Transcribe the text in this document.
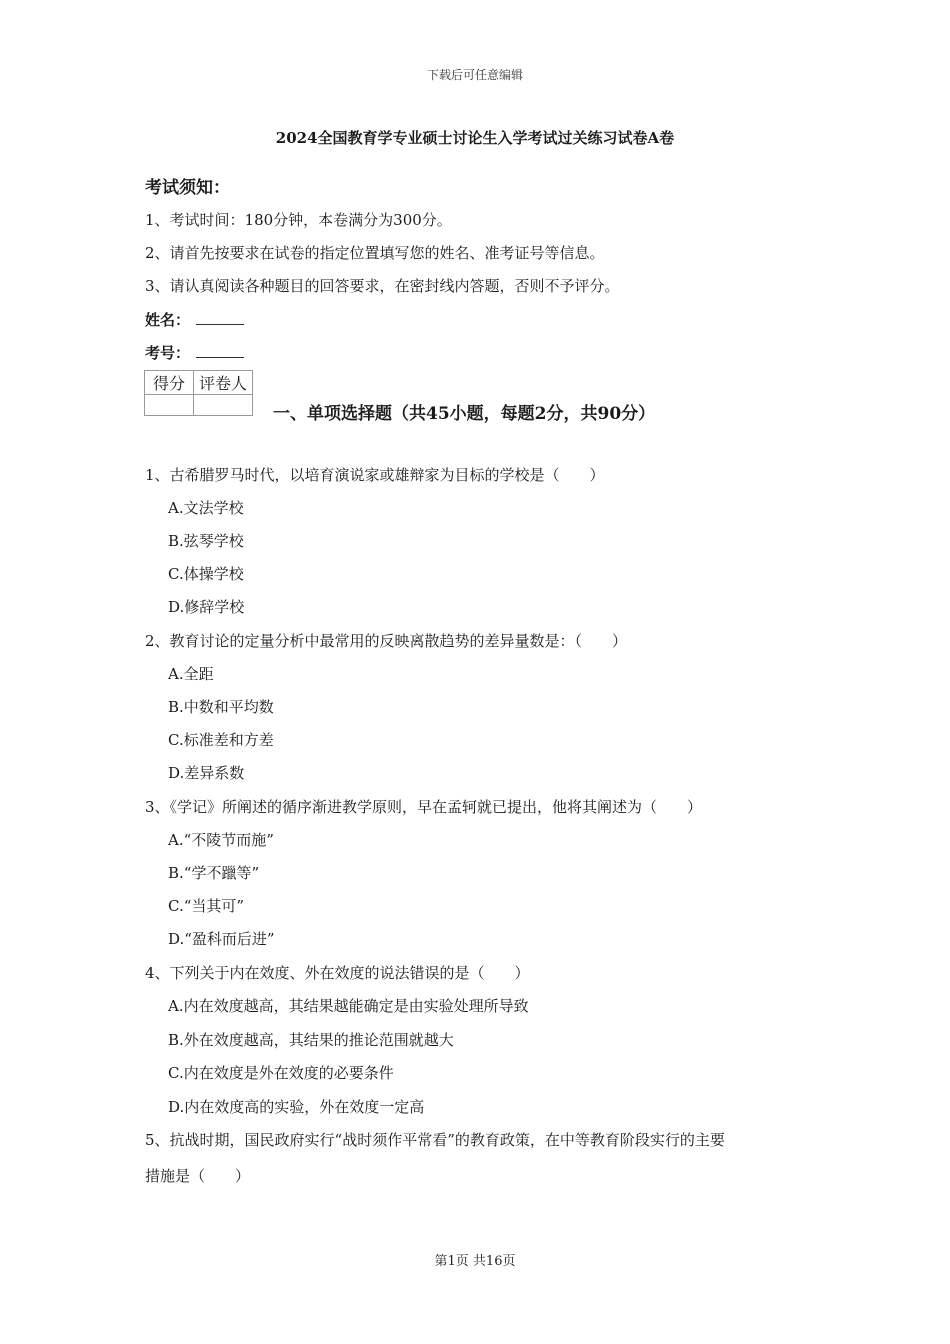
下载后可任意编辑
2024全国教育学专业硕士讨论生入学考试过关练习试卷A卷
考试须知：
1、考试时间：180分钟，本卷满分为300分。
2、请首先按要求在试卷的指定位置填写您的姓名、准考证号等信息。
3、请认真阅读各种题目的回答要求，在密封线内答题，否则不予评分。
姓名：
考号：
得分	评卷人

一、单项选择题（共45小题，每题2分，共90分）
1、古希腊罗马时代，以培育演说家或雄辩家为目标的学校是（　　）
A.文法学校
B.弦琴学校
C.体操学校
D.修辞学校
2、教育讨论的定量分析中最常用的反映离散趋势的差异量数是：（　　）
A.全距
B.中数和平均数
C.标准差和方差
D.差异系数
3、《学记》所阐述的循序渐进教学原则，早在孟轲就已提出，他将其阐述为（　　）
A.“不陵节而施”
B.“学不躐等”
C.“当其可”
D.“盈科而后进”
4、下列关于内在效度、外在效度的说法错误的是（　　）
A.内在效度越高，其结果越能确定是由实验处理所导致
B.外在效度越高，其结果的推论范围就越大
C.内在效度是外在效度的必要条件
D.内在效度高的实验，外在效度一定高
5、抗战时期，国民政府实行“战时须作平常看”的教育政策，在中等教育阶段实行的主要
措施是（　　）
第1页 共16页
